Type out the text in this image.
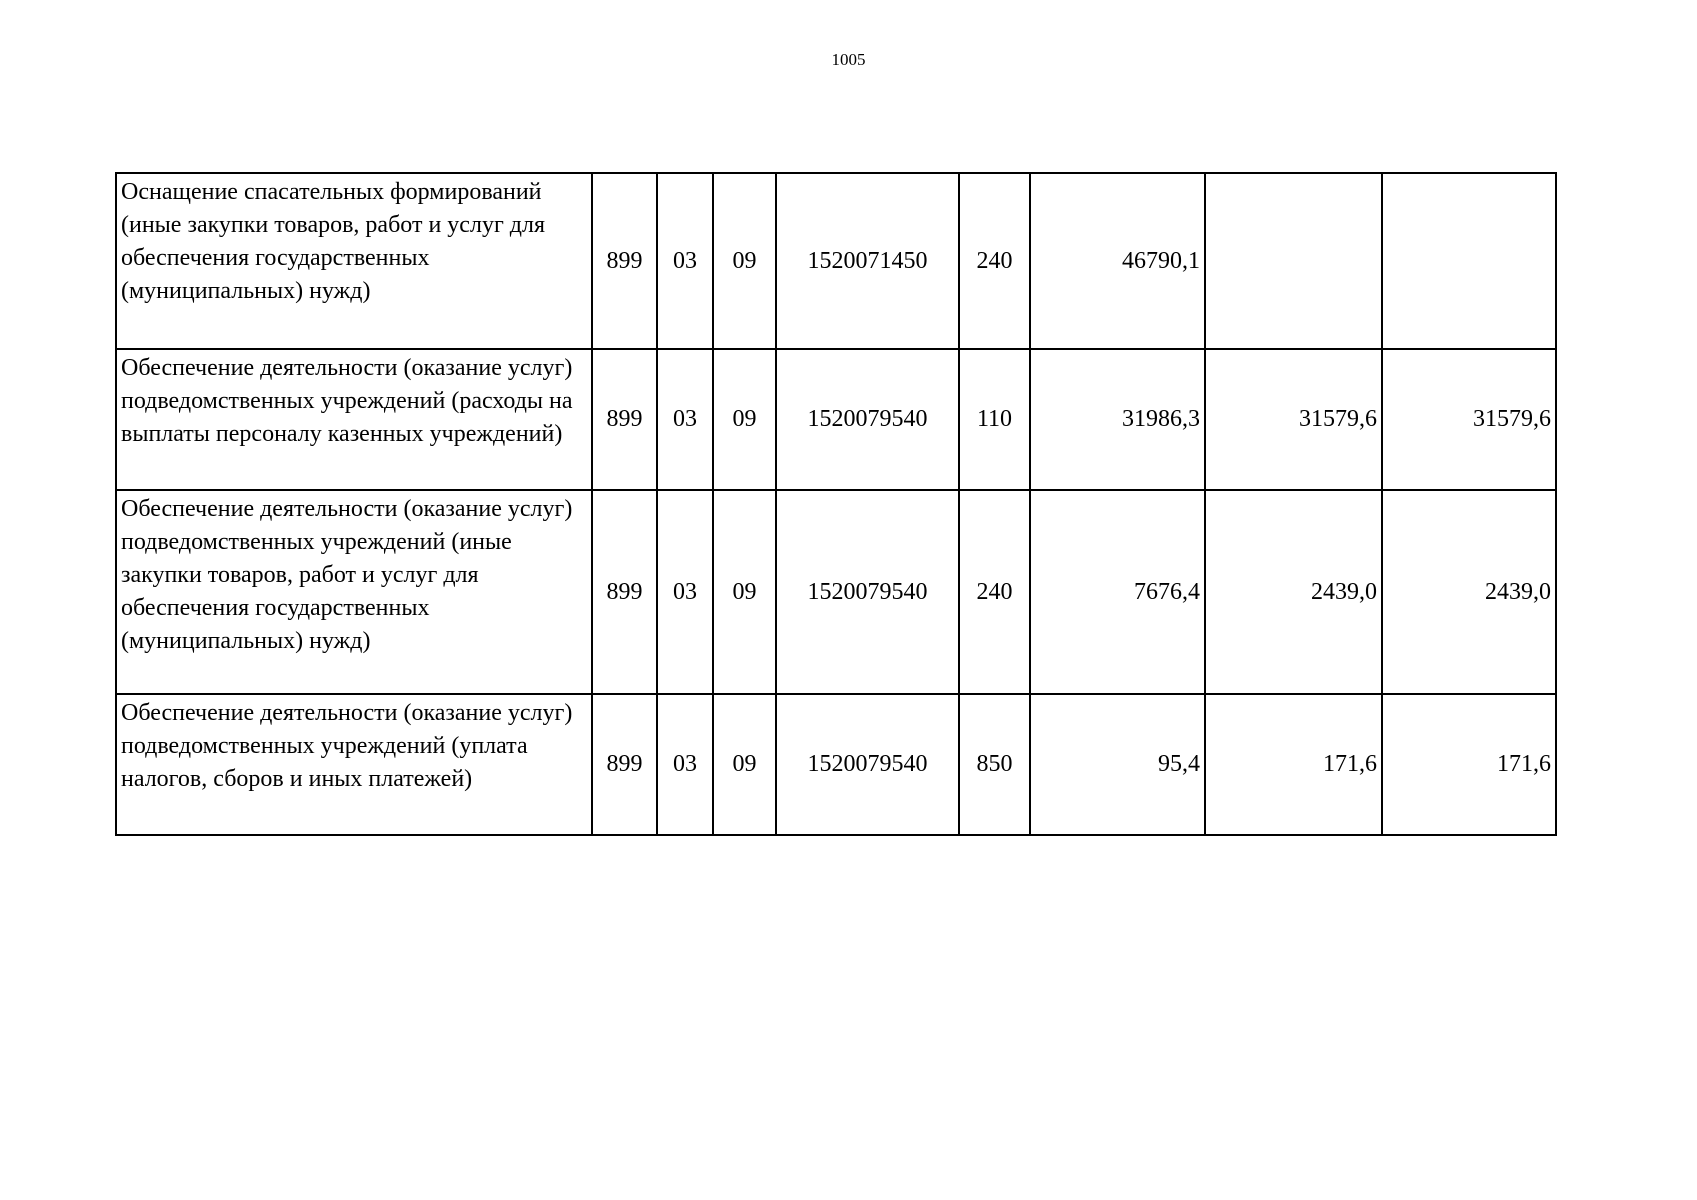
1005
Оснащение спасательных формирований (иные закупки товаров, работ и услуг для обеспечения государственных (муниципальных) нужд)	899	03	09	1520071450	240	46790,1		
Обеспечение деятельности (оказание услуг) подведомственных учреждений (расходы на выплаты персоналу казенных учреждений)	899	03	09	1520079540	110	31986,3	31579,6	31579,6
Обеспечение деятельности (оказание услуг) подведомственных учреждений (иные закупки товаров, работ и услуг для обеспечения государственных (муниципальных) нужд)	899	03	09	1520079540	240	7676,4	2439,0	2439,0
Обеспечение деятельности (оказание услуг) подведомственных учреждений (уплата налогов, сборов и иных платежей)	899	03	09	1520079540	850	95,4	171,6	171,6
